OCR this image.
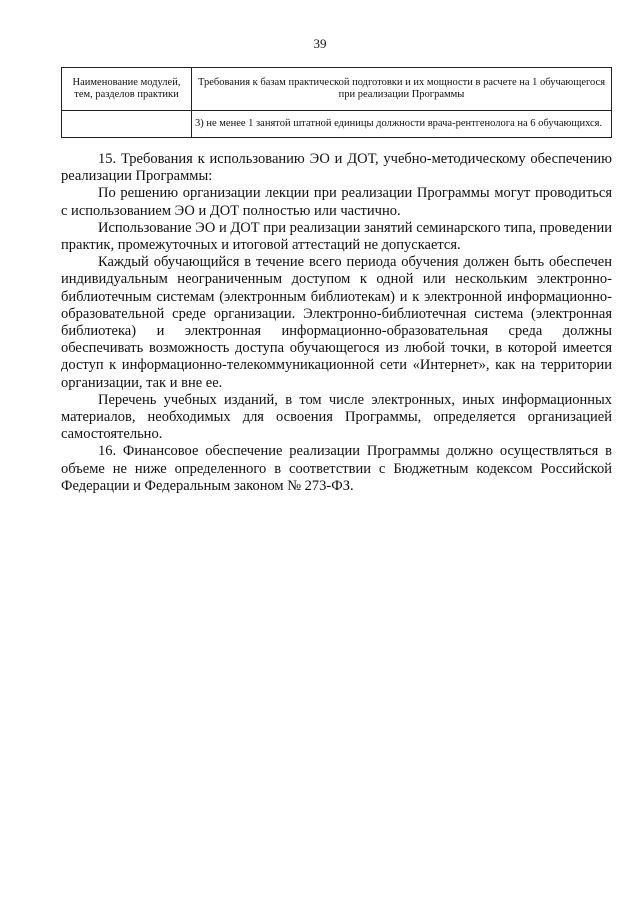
39
Наименование модулей, тем, разделов практики	Требования к базам практической подготовки и их мощности в расчете на 1 обучающегося при реализации Программы
	3) не менее 1 занятой штатной единицы должности врача-рентгенолога на 6 обучающихся.

15. Требования к использованию ЭО и ДОТ, учебно-методическому обеспечению реализации Программы:

По решению организации лекции при реализации Программы могут проводиться с использованием ЭО и ДОТ полностью или частично.

Использование ЭО и ДОТ при реализации занятий семинарского типа, проведении практик, промежуточных и итоговой аттестаций не допускается.

Каждый обучающийся в течение всего периода обучения должен быть обеспечен индивидуальным неограниченным доступом к одной или нескольким электронно-библиотечным системам (электронным библиотекам) и к электронной информационно-образовательной среде организации. Электронно-библиотечная система (электронная библиотека) и электронная информационно-образовательная среда должны обеспечивать возможность доступа обучающегося из любой точки, в которой имеется доступ к информационно-телекоммуникационной сети «Интернет», как на территории организации, так и вне ее.

Перечень учебных изданий, в том числе электронных, иных информационных материалов, необходимых для освоения Программы, определяется организацией самостоятельно.

16. Финансовое обеспечение реализации Программы должно осуществляться в объеме не ниже определенного в соответствии с Бюджетным кодексом Российской Федерации и Федеральным законом № 273-ФЗ.
